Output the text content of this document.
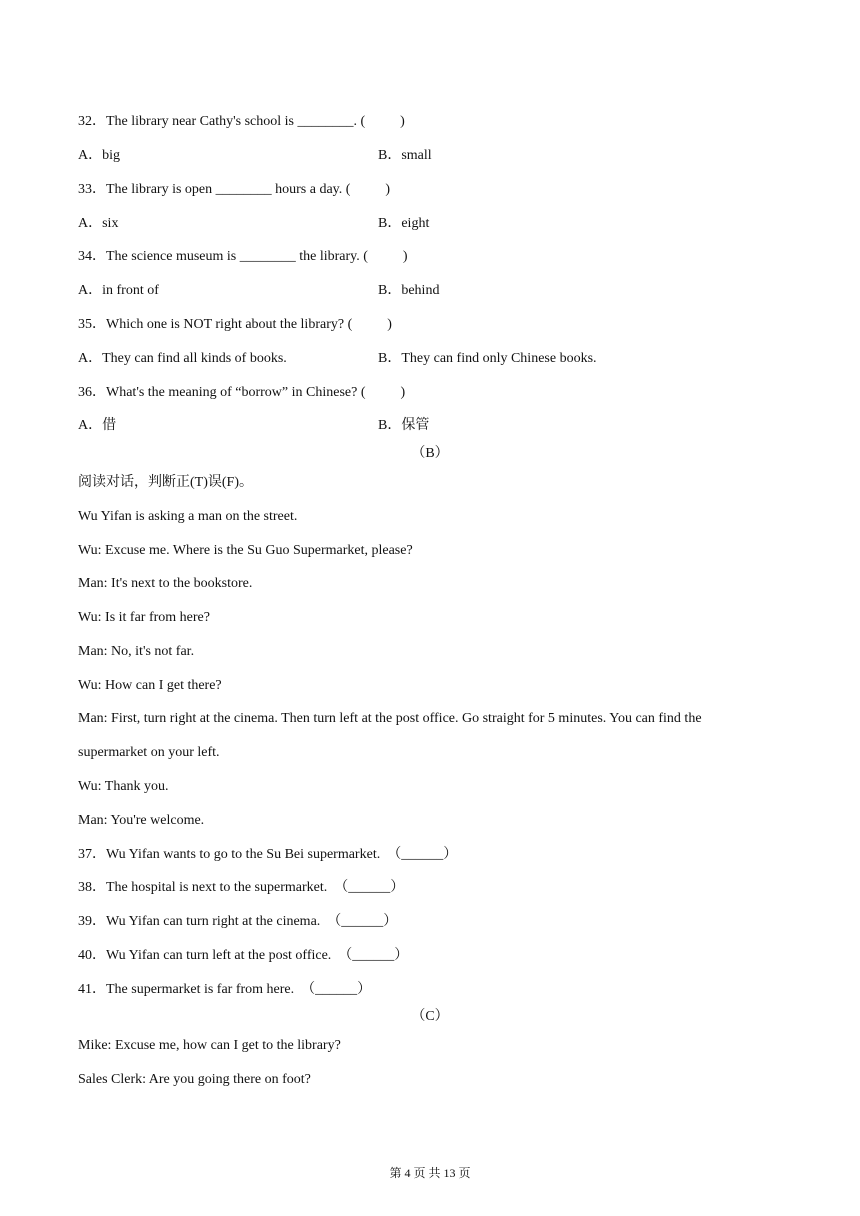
32．The library near Cathy's school is ________. (          )
A．big	B．small
33．The library is open ________ hours a day. (          )
A．six	B．eight
34．The science museum is ________ the library. (          )
A．in front of	B．behind
35．Which one is NOT right about the library? (          )
A．They can find all kinds of books.	B．They can find only Chinese books.
36．What's the meaning of “borrow” in Chinese? (          )
A．借	B．保管
（B）
阅读对话，判断正(T)误(F)。
Wu Yifan is asking a man on the street.
Wu: Excuse me. Where is the Su Guo Supermarket, please?
Man: It's next to the bookstore.
Wu: Is it far from here?
Man: No, it's not far.
Wu: How can I get there?
Man: First, turn right at the cinema. Then turn left at the post office. Go straight for 5 minutes. You can find the
supermarket on your left.
Wu: Thank you.
Man: You're welcome.
37．Wu Yifan wants to go to the Su Bei supermarket.  （______）
38．The hospital is next to the supermarket.  （______）
39．Wu Yifan can turn right at the cinema.  （______）
40．Wu Yifan can turn left at the post office.  （______）
41．The supermarket is far from here.  （______）
（C）
Mike: Excuse me, how can I get to the library?
Sales Clerk: Are you going there on foot?
第 4 页 共 13 页
